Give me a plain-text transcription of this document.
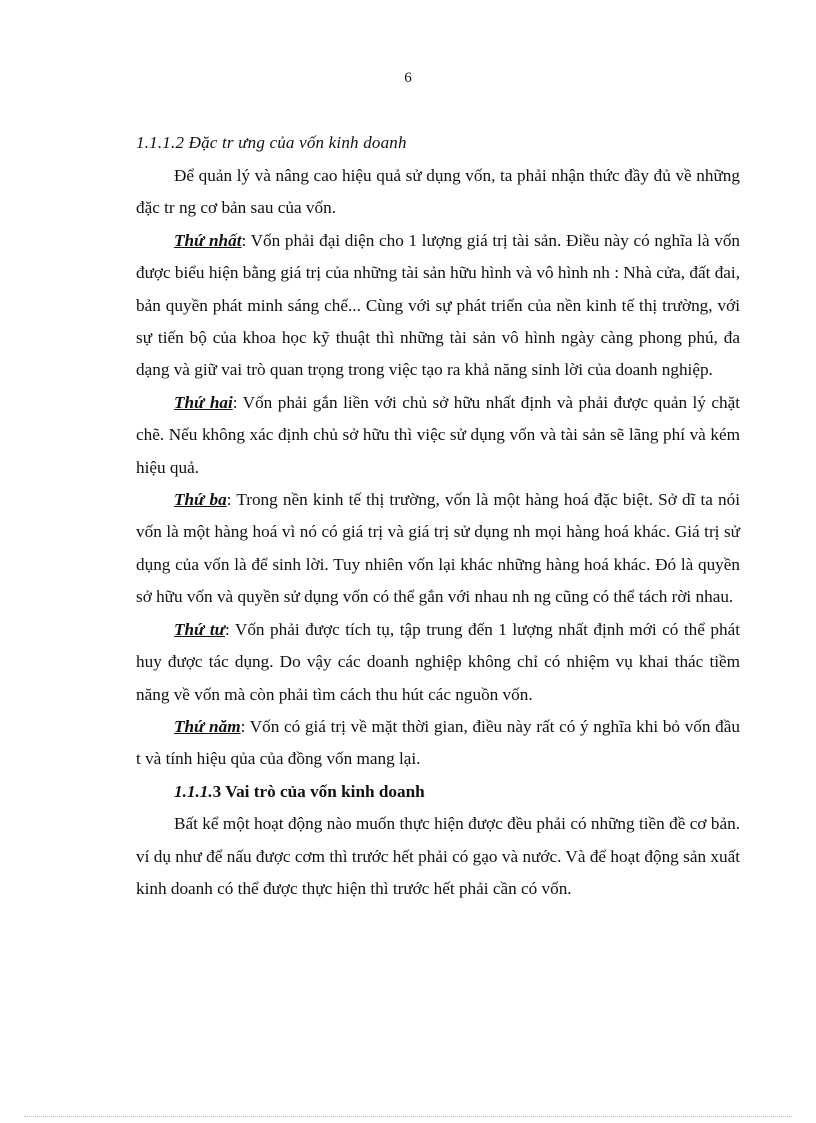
6
1.1.1.2 Đặc tr ưng của vốn kinh doanh

Để quản lý và nâng cao hiệu quả sử dụng vốn, ta phải nhận thức đầy đủ về những đặc tr ng cơ bản sau của vốn.

Thứ nhất: Vốn phải đại diện cho 1 lượng giá trị tài sản. Điều này có nghĩa là vốn được biểu hiện bằng giá trị của những tài sản hữu hình và vô hình nh : Nhà cửa, đất đai, bản quyền phát minh sáng chế... Cùng với sự phát triển của nền kinh tế thị trường, với sự tiến bộ của khoa học kỹ thuật thì những tài sản vô hình ngày càng phong phú, đa dạng và giữ vai trò quan trọng trong việc tạo ra khả năng sinh lời của doanh nghiệp.

Thứ hai: Vốn phải gắn liền với chủ sở hữu nhất định và phải được quản lý chặt chẽ. Nếu không xác định chủ sở hữu thì việc sử dụng vốn và tài sản sẽ lãng phí và kém hiệu quả.

Thứ ba: Trong nền kinh tế thị trường, vốn là một hàng hoá đặc biệt. Sở dĩ ta nói vốn là một hàng hoá vì nó có giá trị và giá trị sử dụng nh mọi hàng hoá khác. Giá trị sử dụng của vốn là để sinh lời. Tuy nhiên vốn lại khác những hàng hoá khác. Đó là quyền sở hữu vốn và quyền sử dụng vốn có thể gắn với nhau nh ng cũng có thể tách rời nhau.

Thứ tư: Vốn phải được tích tụ, tập trung đến 1 lượng nhất định mới có thể phát huy được tác dụng. Do vậy các doanh nghiệp không chỉ có nhiệm vụ khai thác tiềm năng về vốn mà còn phải tìm cách thu hút các nguồn vốn.

Thứ năm: Vốn có giá trị về mặt thời gian, điều này rất có ý nghĩa khi bỏ vốn đầu t và tính hiệu qủa của đồng vốn mang lại.

1.1.1.3 Vai trò của vốn kinh doanh

Bất kể một hoạt động nào muốn thực hiện được đều phải có những tiền đề cơ bản. ví dụ như để nấu được cơm thì trước hết phải có gạo và nước. Và để hoạt động sản xuất kinh doanh có thể được thực hiện thì trước hết phải cần có vốn.
